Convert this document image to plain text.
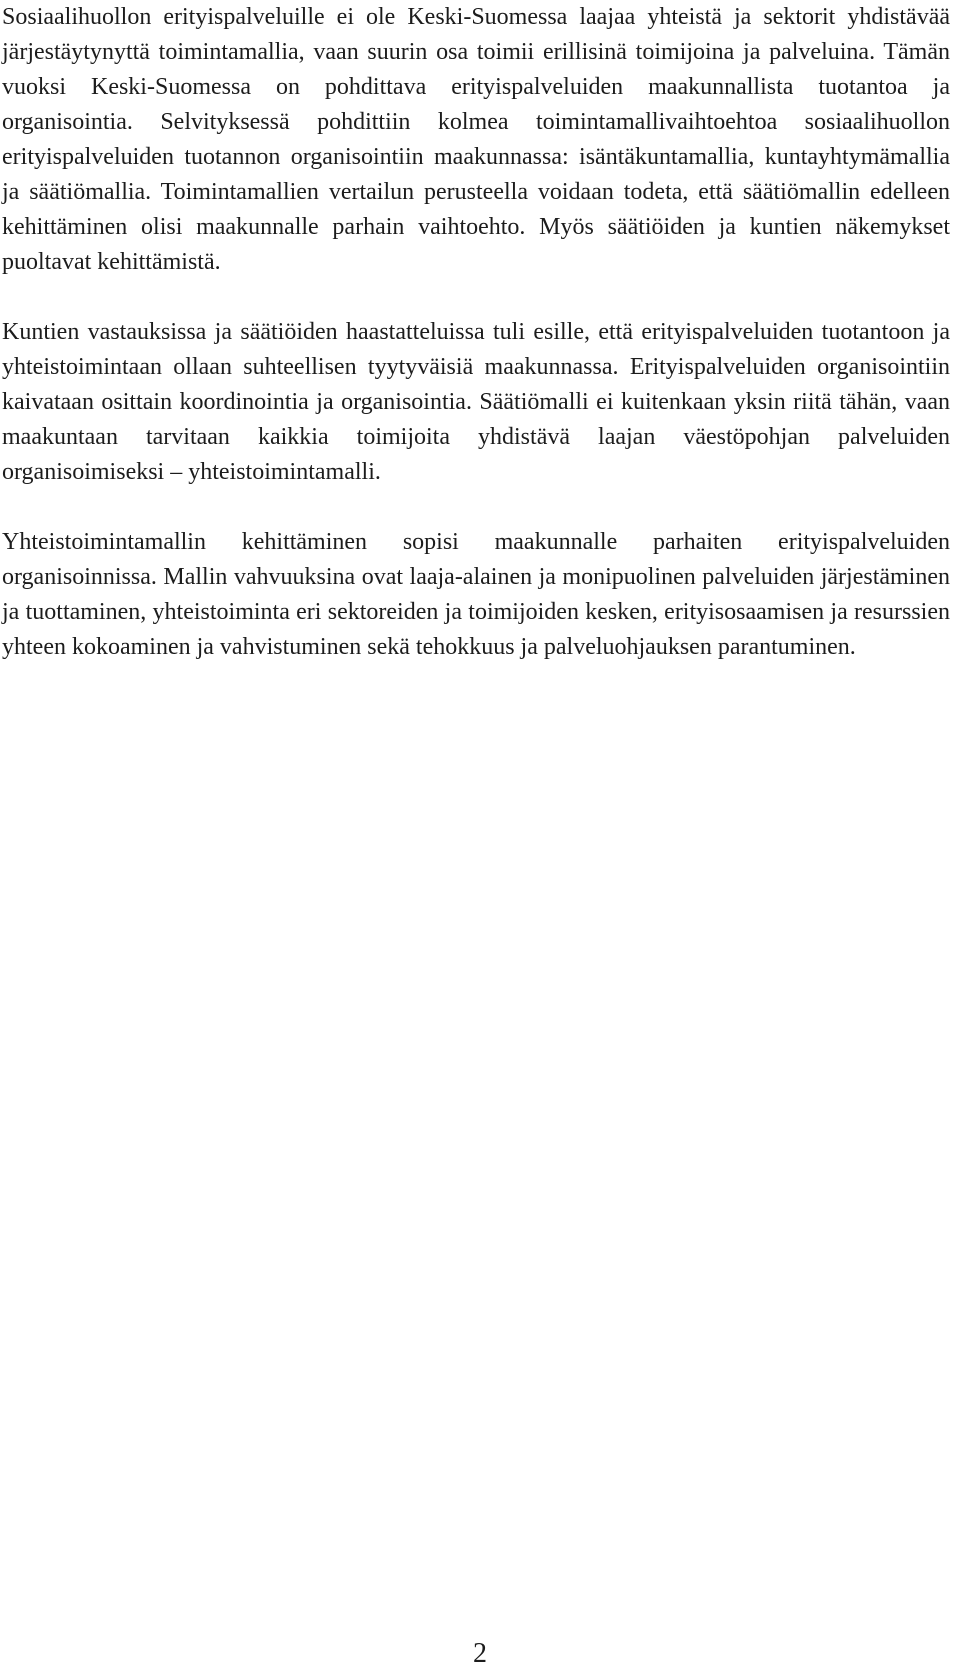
Sosiaalihuollon erityispalveluille ei ole Keski-Suomessa laajaa yhteistä ja sektorit yhdistävää järjestäytynyttä toimintamallia, vaan suurin osa toimii erillisinä toimijoina ja palveluina. Tämän vuoksi Keski-Suomessa on pohdittava erityispalveluiden maakunnallista tuotantoa ja organisointia. Selvityksessä pohdittiin kolmea toimintamallivaihtoehtoa sosiaalihuollon erityispalveluiden tuotannon organisointiin maakunnassa: isäntäkuntamallia, kuntayhtymämallia ja säätiömallia. Toimintamallien vertailun perusteella voidaan todeta, että säätiömallin edelleen kehittäminen olisi maakunnalle parhain vaihtoehto. Myös säätiöiden ja kuntien näkemykset puoltavat kehittämistä.

Kuntien vastauksissa ja säätiöiden haastatteluissa tuli esille, että erityispalveluiden tuotantoon ja yhteistoimintaan ollaan suhteellisen tyytyväisiä maakunnassa. Erityispalveluiden organisointiin kaivataan osittain koordinointia ja organisointia. Säätiömalli ei kuitenkaan yksin riitä tähän, vaan maakuntaan tarvitaan kaikkia toimijoita yhdistävä laajan väestöpohjan palveluiden organisoimiseksi – yhteistoimintamalli.

Yhteistoimintamallin kehittäminen sopisi maakunnalle parhaiten erityispalveluiden organisoinnissa. Mallin vahvuuksina ovat laaja-alainen ja monipuolinen palveluiden järjestäminen ja tuottaminen, yhteistoiminta eri sektoreiden ja toimijoiden kesken, erityisosaamisen ja resurssien yhteen kokoaminen ja vahvistuminen sekä tehokkuus ja palveluohjauksen parantuminen.

2
